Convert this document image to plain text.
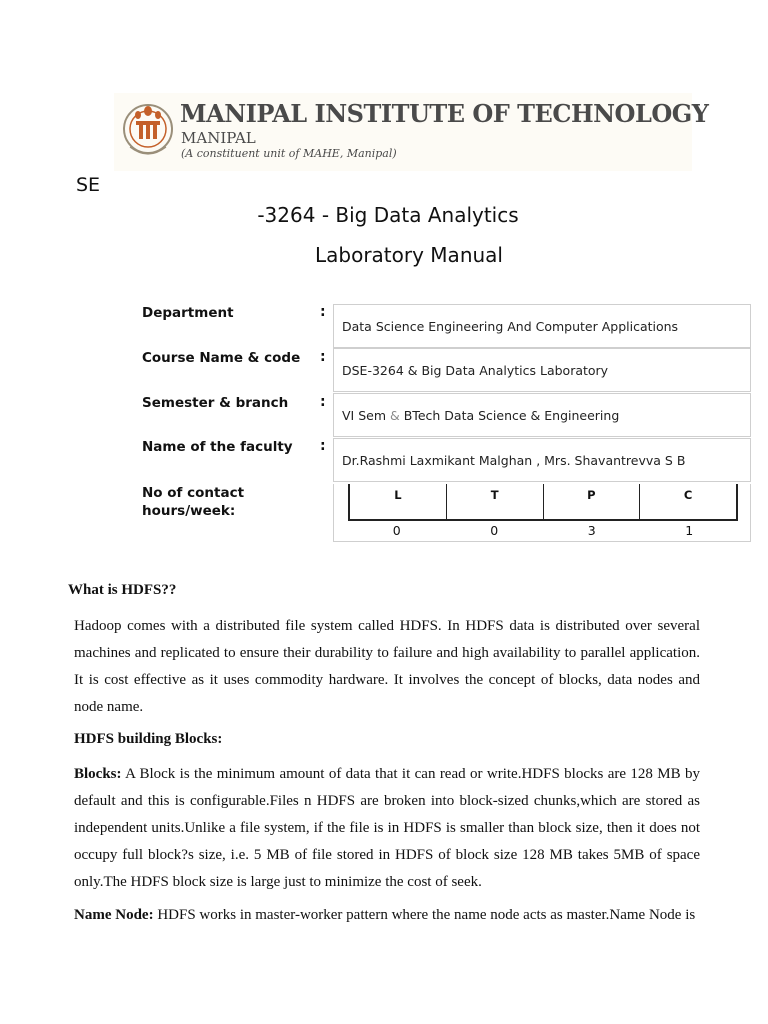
MANIPAL INSTITUTE OF TECHNOLOGY
MANIPAL
(A constituent unit of MAHE, Manipal)
SE
-3264 - Big Data Analytics
Laboratory Manual
Department	:
Data Science Engineering And Computer Applications
Course Name & code :
DSE-3264 & Big Data Analytics Laboratory
Semester & branch :
VI Sem & BTech Data Science & Engineering
Name of the faculty :
Dr.Rashmi Laxmikant Malghan , Mrs. Shavantrevva S B
No of contact
hours/week:
L	T	P	C
0	0	3	1
What is HDFS??
Hadoop comes with a distributed file system called HDFS. In HDFS data is distributed over several machines and replicated to ensure their durability to failure and high availability to parallel application. It is cost effective as it uses commodity hardware. It involves the concept of blocks, data nodes and node name.
HDFS building Blocks:
Blocks: A Block is the minimum amount of data that it can read or write.HDFS blocks are 128 MB by default and this is configurable.Files n HDFS are broken into block-sized chunks,which are stored as independent units.Unlike a file system, if the file is in HDFS is smaller than block size, then it does not occupy full block?s size, i.e. 5 MB of file stored in HDFS of block size 128 MB takes 5MB of space only.The HDFS block size is large just to minimize the cost of seek.
Name Node: HDFS works in master-worker pattern where the name node acts as master.Name Node is
